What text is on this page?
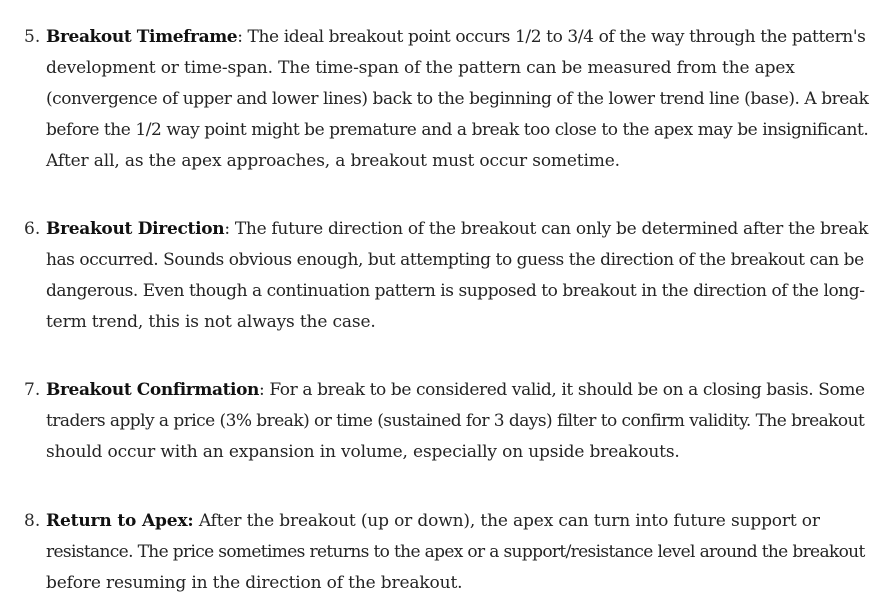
5. Breakout Timeframe: The ideal breakout point occurs 1/2 to 3/4 of the way through the pattern's
development or time-span. The time-span of the pattern can be measured from the apex
(convergence of upper and lower lines) back to the beginning of the lower trend line (base). A break
before the 1/2 way point might be premature and a break too close to the apex may be insignificant.
After all, as the apex approaches, a breakout must occur sometime.
6. Breakout Direction: The future direction of the breakout can only be determined after the break
has occurred. Sounds obvious enough, but attempting to guess the direction of the breakout can be
dangerous. Even though a continuation pattern is supposed to breakout in the direction of the long-
term trend, this is not always the case.
7. Breakout Confirmation: For a break to be considered valid, it should be on a closing basis. Some
traders apply a price (3% break) or time (sustained for 3 days) filter to confirm validity. The breakout
should occur with an expansion in volume, especially on upside breakouts.
8. Return to Apex: After the breakout (up or down), the apex can turn into future support or
resistance. The price sometimes returns to the apex or a support/resistance level around the breakout
before resuming in the direction of the breakout.
